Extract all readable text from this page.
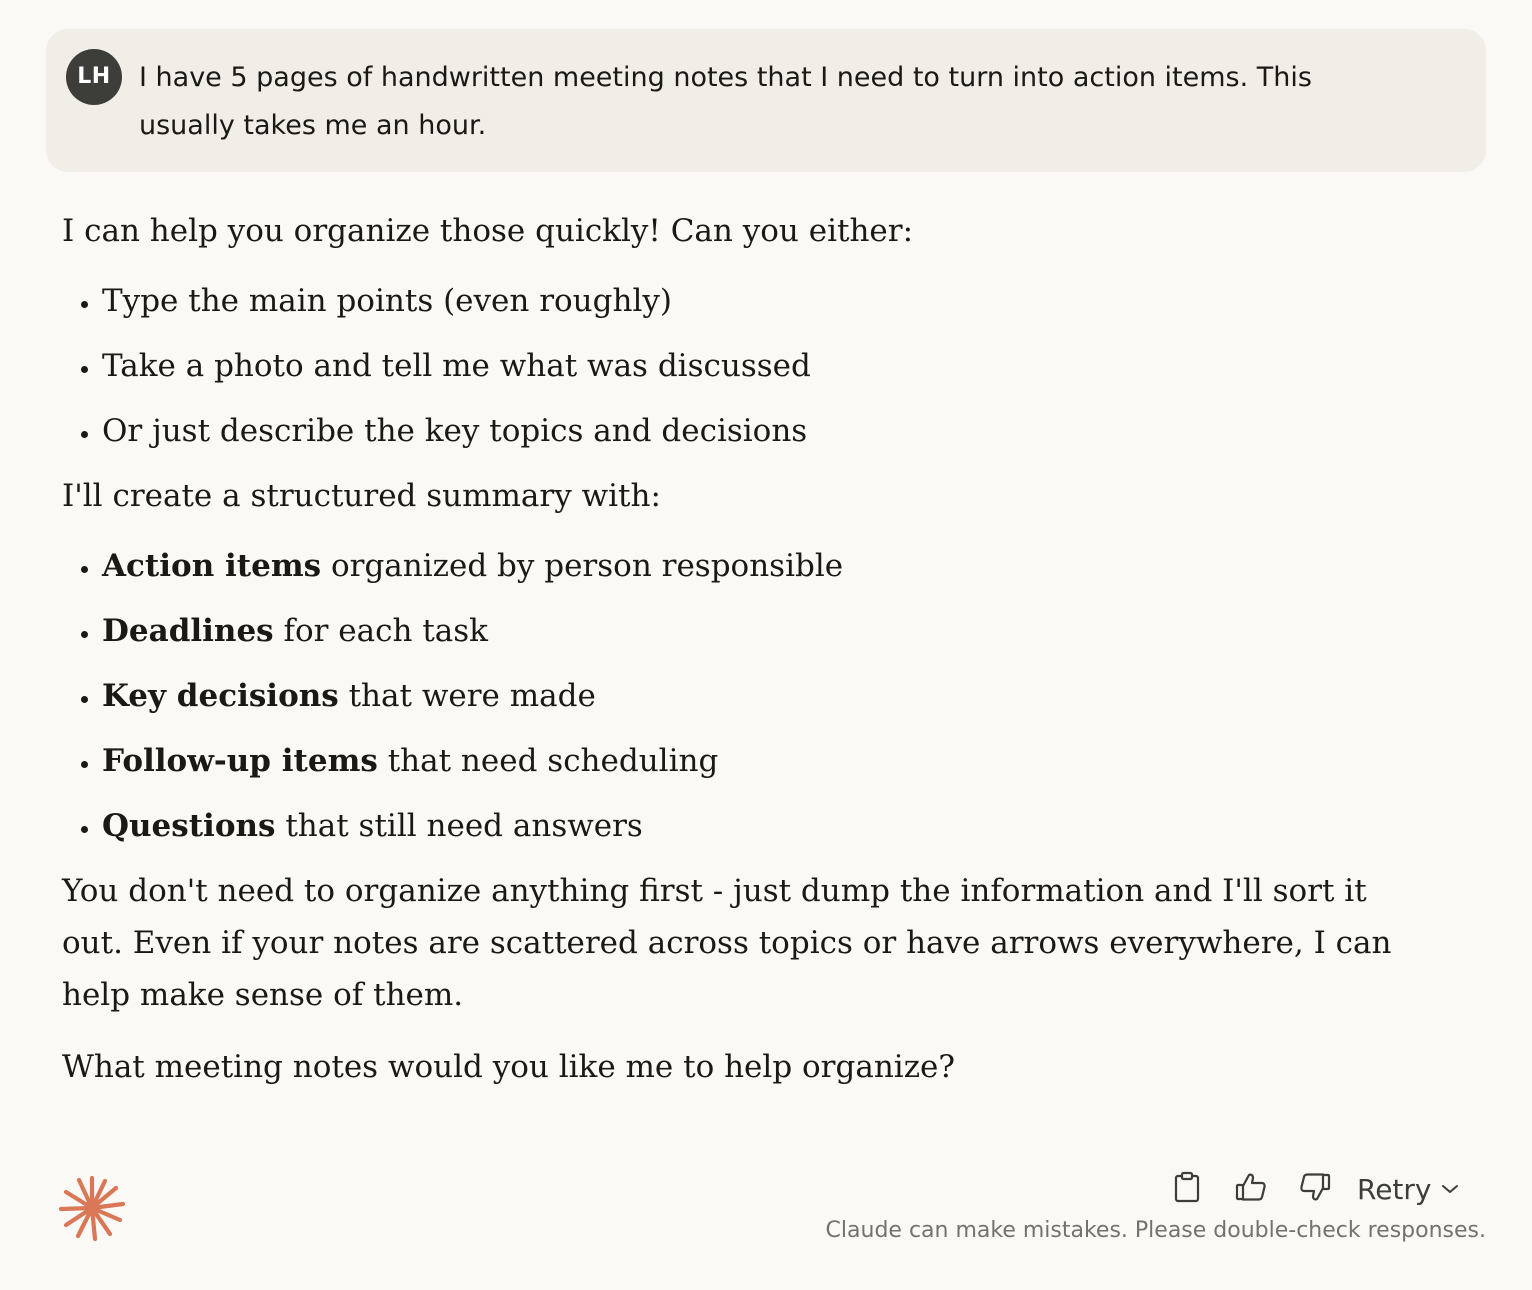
LH	I have 5 pages of handwritten meeting notes that I need to turn into action items. This usually takes me an hour.

I can help you organize those quickly! Can you either:

• Type the main points (even roughly)
• Take a photo and tell me what was discussed
• Or just describe the key topics and decisions

I'll create a structured summary with:

• Action items organized by person responsible
• Deadlines for each task
• Key decisions that were made
• Follow-up items that need scheduling
• Questions that still need answers

You don't need to organize anything first - just dump the information and I'll sort it out. Even if your notes are scattered across topics or have arrows everywhere, I can help make sense of them.

What meeting notes would you like me to help organize?

Retry
Claude can make mistakes. Please double-check responses.
